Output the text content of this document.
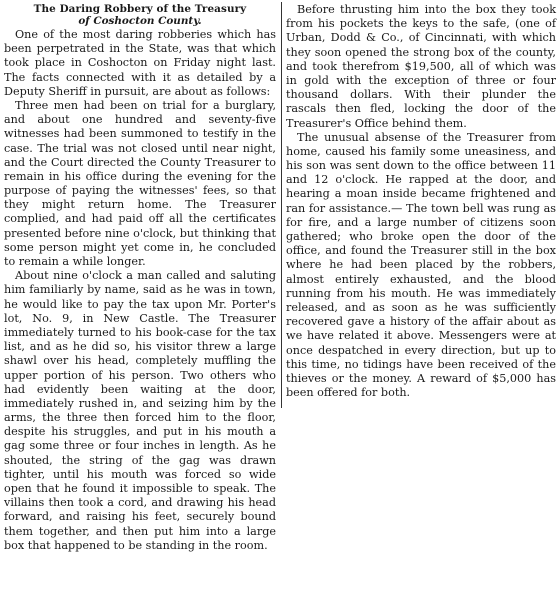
The Daring Robbery of the Treasury
of Coshocton County.

One of the most daring robberies which has been perpetrated in the State, was that which took place in Coshocton on Friday night last. The facts connected with it as detailed by a Deputy Sheriff in pursuit, are about as follows:

Three men had been on trial for a burglary, and about one hundred and seventy-five witnesses had been summoned to testify in the case. The trial was not closed until near night, and the Court directed the County Treasurer to remain in his office during the evening for the purpose of paying the witnesses' fees, so that they might return home. The Treasurer complied, and had paid off all the certificates presented before nine o'clock, but thinking that some person might yet come in, he concluded to remain a while longer.

About nine o'clock a man called and saluting him familiarly by name, said as he was in town, he would like to pay the tax upon Mr. Porter's lot, No. 9, in New Castle. The Treasurer immediately turned to his book-case for the tax list, and as he did so, his visitor threw a large shawl over his head, completely muffling the upper portion of his person. Two others who had evidently been waiting at the door, immediately rushed in, and seizing him by the arms, the three then forced him to the floor, despite his struggles, and put in his mouth a gag some three or four inches in length. As he shouted, the string of the gag was drawn tighter, until his mouth was forced so wide open that he found it impossible to speak. The villains then took a cord, and drawing his head forward, and raising his feet, securely bound them together, and then put him into a large box that happened to be standing in the room.

Before thrusting him into the box they took from his pockets the keys to the safe, (one of Urban, Dodd & Co., of Cincinnati, with which they soon opened the strong box of the county, and took therefrom $19,500, all of which was in gold with the exception of three or four thousand dollars. With their plunder the rascals then fled, locking the door of the Treasurer's Office behind them.

The unusual absense of the Treasurer from home, caused his family some uneasiness, and his son was sent down to the office between 11 and 12 o'clock. He rapped at the door, and hearing a moan inside became frightened and ran for assistance.— The town bell was rung as for fire, and a large number of citizens soon gathered; who broke open the door of the office, and found the Treasurer still in the box where he had been placed by the robbers, almost entirely exhausted, and the blood running from his mouth. He was immediately released, and as soon as he was sufficiently recovered gave a history of the affair about as we have related it above. Messengers were at once despatched in every direction, but up to this time, no tidings have been received of the thieves or the money. A reward of $5,000 has been offered for both.
